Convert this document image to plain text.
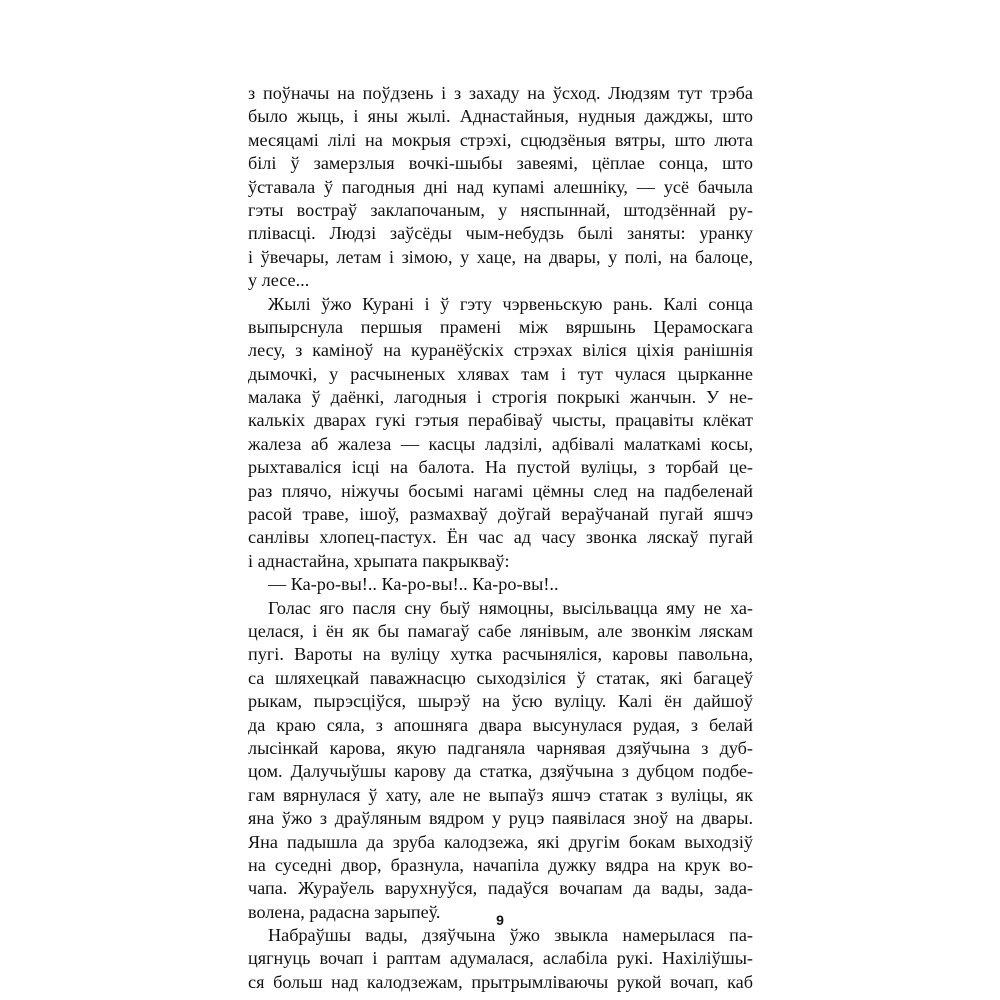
з поўначы на поўдзень і з захаду на ўсход. Людзям тут трэба
было жыць, і яны жылі. Аднастайныя, нудныя дажджы, што
месяцамі лілі на мокрыя стрэхі, сцюдзёныя вятры, што люта
білі ў замерзлыя вочкі-шыбы завеямі, цёплае сонца, што
ўставала ў пагодныя дні над купамі алешніку, — усё бачыла
гэты востраў заклапочаным, у няспыннай, штодзённай ру-
плівасці. Людзі заўсёды чым-небудзь былі заняты: уранку
і ўвечары, летам і зімою, у хаце, на двары, у полі, на балоце,
у лесе...
Жылі ўжо Курані і ў гэту чэрвеньскую рань. Калі сонца
выпырснула першыя прамені між вяршынь Церамоскага
лесу, з камінoў на куранёўскіх стрэхах віліся ціхія ранішнія
дымочкі, у расчыненых хлявах там і тут чулася цырканне
малака ў даёнкі, лагодныя і строгія покрыкі жанчын. У не-
калькіх дварах гукі гэтыя перабіваў чысты, працавіты клёкат
жалеза аб жалеза — касцы ладзілі, адбівалі малаткамі косы,
рыхтаваліся ісці на балота. На пустой вуліцы, з торбай це-
раз плячо, ніжучы босымі нагамі цёмны след на падбеленай
расой траве, ішоў, размахваў доўгай вераўчанай пугай яшчэ
санлівы хлопец-пастух. Ён час ад часу звонка ляскаў пугай
і аднастайна, хрыпата пакрыкваў:
— Ка-ро-вы!.. Ка-ро-вы!.. Ка-ро-вы!..
Голас яго пасля сну быў нямоцны, высільвацца яму не ха-
целася, і ён як бы памагаў сабе лянівым, але звонкім ляскам
пугі. Вароты на вуліцу хутка расчыняліся, каровы павольна,
са шляхецкай паважнасцю сыходзіліся ў статак, які багацеў
рыкам, пырэсціўся, шырэў на ўсю вуліцу. Калі ён дайшоў
да краю сяла, з апошняга двара высунулася рудая, з белай
лысінкай карова, якую падганяла чарнявая дзяўчына з дуб-
цом. Далучыўшы карову да статка, дзяўчына з дубцом подбе-
гам вярнулася ў хату, але не выпаўз яшчэ статак з вуліцы, як
яна ўжо з драўляным вядром у руцэ паявілася зноў на двары.
Яна падышла да зруба калодзежа, які другім бокам выходзіў
на суседні двор, бразнула, начапіла дужку вядра на крук во-
чапа. Жураўель варухнуўся, падаўся вочапам да вады, зада-
волена, радасна зарыпеў.
Набраўшы вады, дзяўчына ўжо звыкла намерылася па-
цягнуць вочап і раптам адумалася, аслабіла рукі. Нахіліўшы-
ся больш над калодзежам, прытрымліваючы рукой вочап, каб
9
